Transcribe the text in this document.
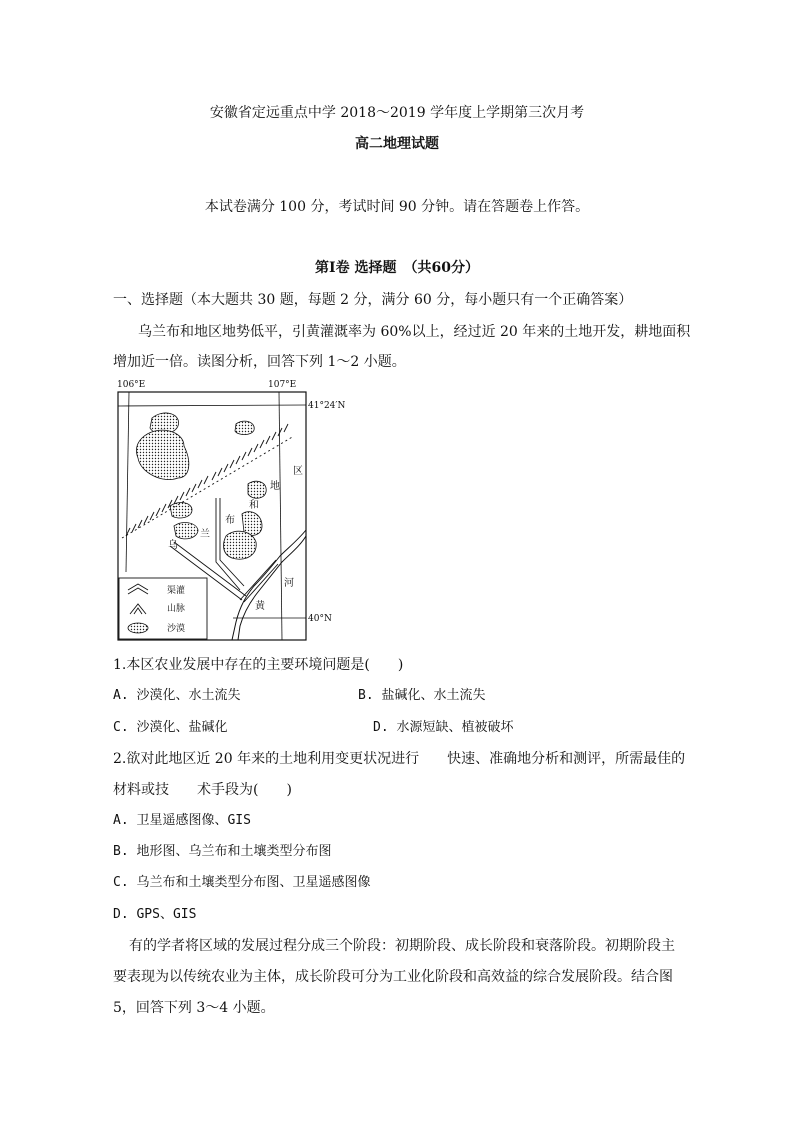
安徽省定远重点中学 2018～2019 学年度上学期第三次月考
高二地理试题
本试卷满分 100 分，考试时间 90 分钟。请在答题卷上作答。
第Ⅰ卷 选择题　（共60分）
一、选择题（本大题共 30 题，每题 2 分，满分 60 分，每小题只有一个正确答案）
乌兰布和地区地势低平，引黄灌溉率为 60%以上，经过近 20 年来的土地开发，耕地面积
增加近一倍。读图分析，回答下列 1～2 小题。
106°E	107°E
41°24′N
40°N
乌
兰
布
和
地
区
黄
河
渠灌
山脉
沙漠
1.本区农业发展中存在的主要环境问题是(　　)
A. 沙漠化、水土流失	B. 盐碱化、水土流失
C. 沙漠化、盐碱化	D. 水源短缺、植被破坏
2.欲对此地区近 20 年来的土地利用变更状况进行　　快速、准确地分析和测评，所需最佳的
材料或技　　术手段为(　　)
A. 卫星遥感图像、GIS
B. 地形图、乌兰布和土壤类型分布图
C. 乌兰布和土壤类型分布图、卫星遥感图像
D. GPS、GIS
有的学者将区域的发展过程分成三个阶段：初期阶段、成长阶段和衰落阶段。初期阶段主
要表现为以传统农业为主体，成长阶段可分为工业化阶段和高效益的综合发展阶段。结合图
5，回答下列 3～4 小题。
